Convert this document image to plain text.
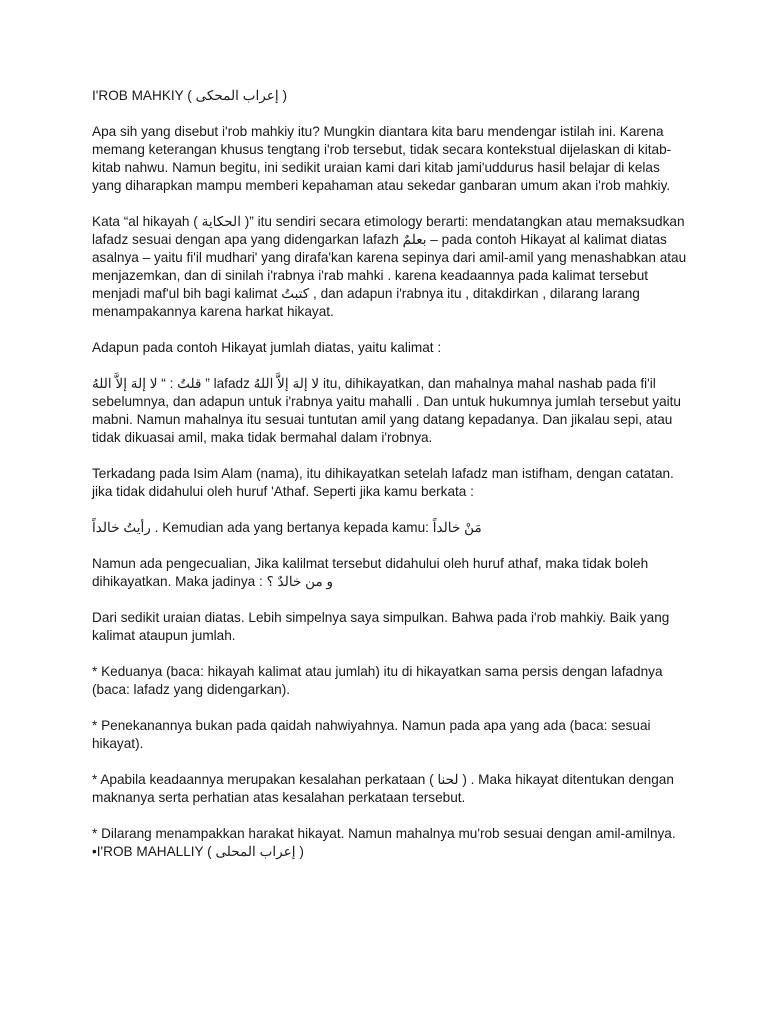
I'ROB MAHKIY ( إعراب المحكى )

Apa sih yang disebut i'rob mahkiy itu? Mungkin diantara kita baru mendengar istilah ini. Karena memang keterangan khusus tengtang i'rob tersebut, tidak secara kontekstual dijelaskan di kitab-kitab nahwu. Namun begitu, ini sedikit uraian kami dari kitab jami'uddurus hasil belajar di kelas yang diharapkan mampu memberi kepahaman atau sekedar ganbaran umum akan i'rob mahkiy.

Kata “al hikayah ( الحكاية )” itu sendiri secara etimology berarti: mendatangkan atau memaksudkan lafadz sesuai dengan apa yang didengarkan lafazh بعلمٌ – pada contoh Hikayat al kalimat diatas asalnya – yaitu fi'il mudhari' yang dirafa'kan karena sepinya dari amil-amil yang menashabkan atau menjazemkan, dan di sinilah i'rabnya i'rab mahki . karena keadaannya pada kalimat tersebut menjadi maf'ul bih bagi kalimat كتبتُ , dan adapun i'rabnya itu , ditakdirkan , dilarang larang menampakannya karena harkat hikayat.

Adapun pada contoh Hikayat jumlah diatas, yaitu kalimat :

قلتُ : “ لا إلهَ إلاَّ اللهُ ” lafadz لا إلهَ إلاَّ اللهُ itu, dihikayatkan, dan mahalnya mahal nashab pada fi'il sebelumnya, dan adapun untuk i'rabnya yaitu mahalli . Dan untuk hukumnya jumlah tersebut yaitu mabni. Namun mahalnya itu sesuai tuntutan amil yang datang kepadanya. Dan jikalau sepi, atau tidak dikuasai amil, maka tidak bermahal dalam i'robnya.

Terkadang pada Isim Alam (nama), itu dihikayatkan setelah lafadz man istifham, dengan catatan. jika tidak didahului oleh huruf 'Athaf. Seperti jika kamu berkata :

رأيتُ خالداً . Kemudian ada yang bertanya kepada kamu: مَنْ خالداً

Namun ada pengecualian, Jika kalilmat tersebut didahului oleh huruf athaf, maka tidak boleh dihikayatkan. Maka jadinya : و من خالدٌ ؟

Dari sedikit uraian diatas. Lebih simpelnya saya simpulkan. Bahwa pada i'rob mahkiy. Baik yang kalimat ataupun jumlah.

* Keduanya (baca: hikayah kalimat atau jumlah) itu di hikayatkan sama persis dengan lafadnya (baca: lafadz yang didengarkan).

* Penekanannya bukan pada qaidah nahwiyahnya. Namun pada apa yang ada (baca: sesuai hikayat).

* Apabila keadaannya merupakan kesalahan perkataan ( لحنا ) . Maka hikayat ditentukan dengan maknanya serta perhatian atas kesalahan perkataan tersebut.

* Dilarang menampakkan harakat hikayat. Namun mahalnya mu'rob sesuai dengan amil-amilnya.

•I'ROB MAHALLIY ( إعراب المحلى )
